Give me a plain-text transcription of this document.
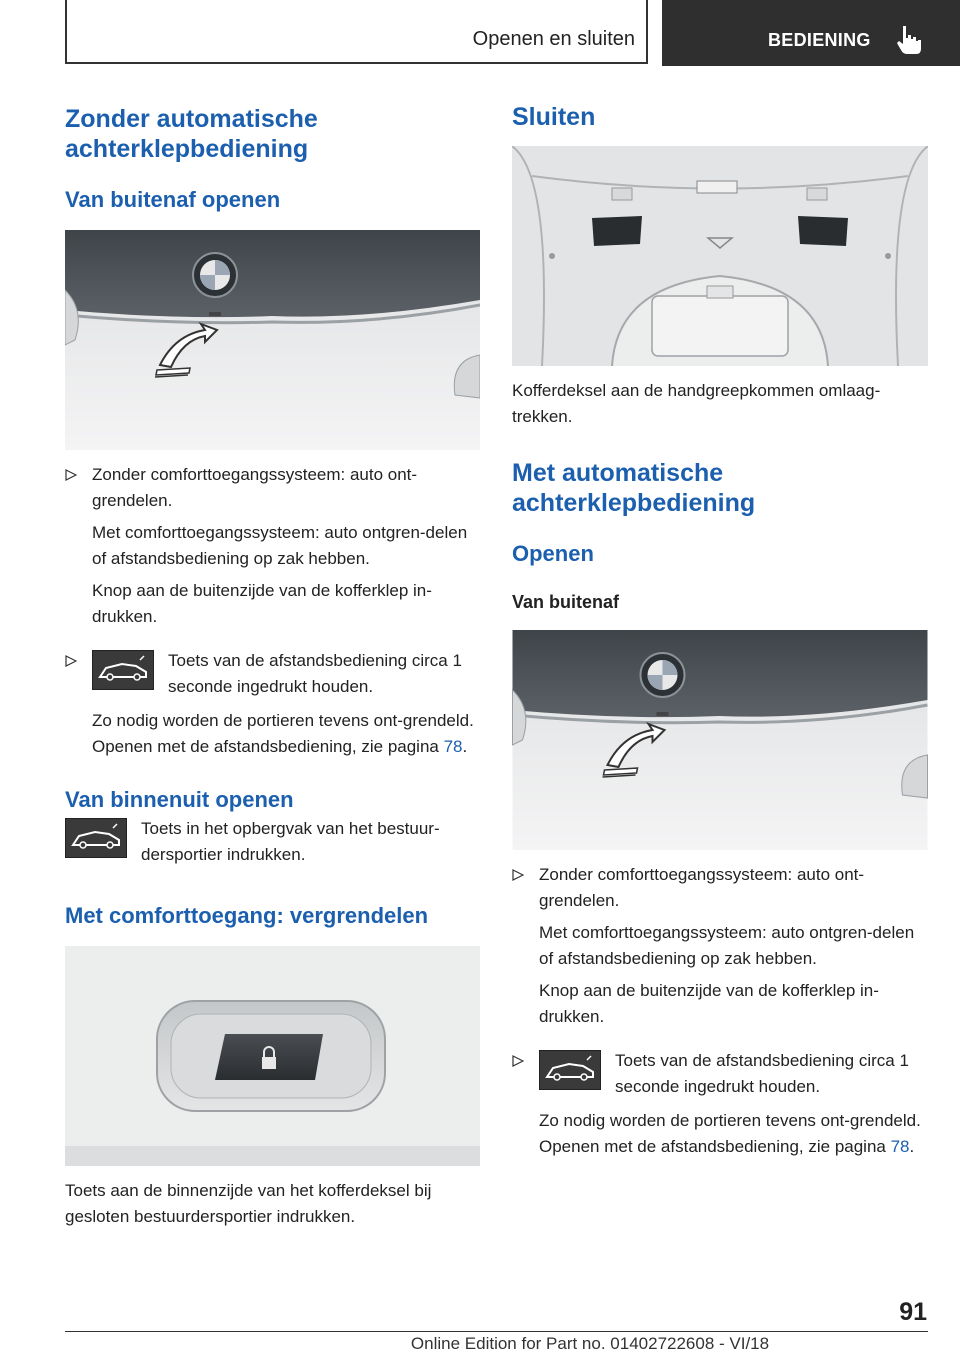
Openen en sluiten	BEDIENING
Zonder automatische achterklepbediening
Van buitenaf openen

Zonder comforttoegangssysteem: auto ont-grendelen.

Met comforttoegangssysteem: auto ontgren-delen of afstandsbediening op zak hebben.

Knop aan de buitenzijde van de kofferklep in-drukken.

Toets van de afstandsbediening circa 1 seconde ingedrukt houden.

Zo nodig worden de portieren tevens ont-grendeld. Openen met de afstandsbediening, zie pagina 78.

Van binnenuit openen

Toets in het opbergvak van het bestuur-dersportier indrukken.

Met comforttoegang: vergrendelen

Toets aan de binnenzijde van het kofferdeksel bij gesloten bestuurdersportier indrukken.

Sluiten

Kofferdeksel aan de handgreepkommen omlaag-trekken.

Met automatische achterklepbediening
Openen
Van buitenaf

Zonder comforttoegangssysteem: auto ont-grendelen.

Met comforttoegangssysteem: auto ontgren-delen of afstandsbediening op zak hebben.

Knop aan de buitenzijde van de kofferklep in-drukken.

Toets van de afstandsbediening circa 1 seconde ingedrukt houden.

Zo nodig worden de portieren tevens ont-grendeld. Openen met de afstandsbediening, zie pagina 78.

91
Online Edition for Part no. 01402722608 - VI/18
